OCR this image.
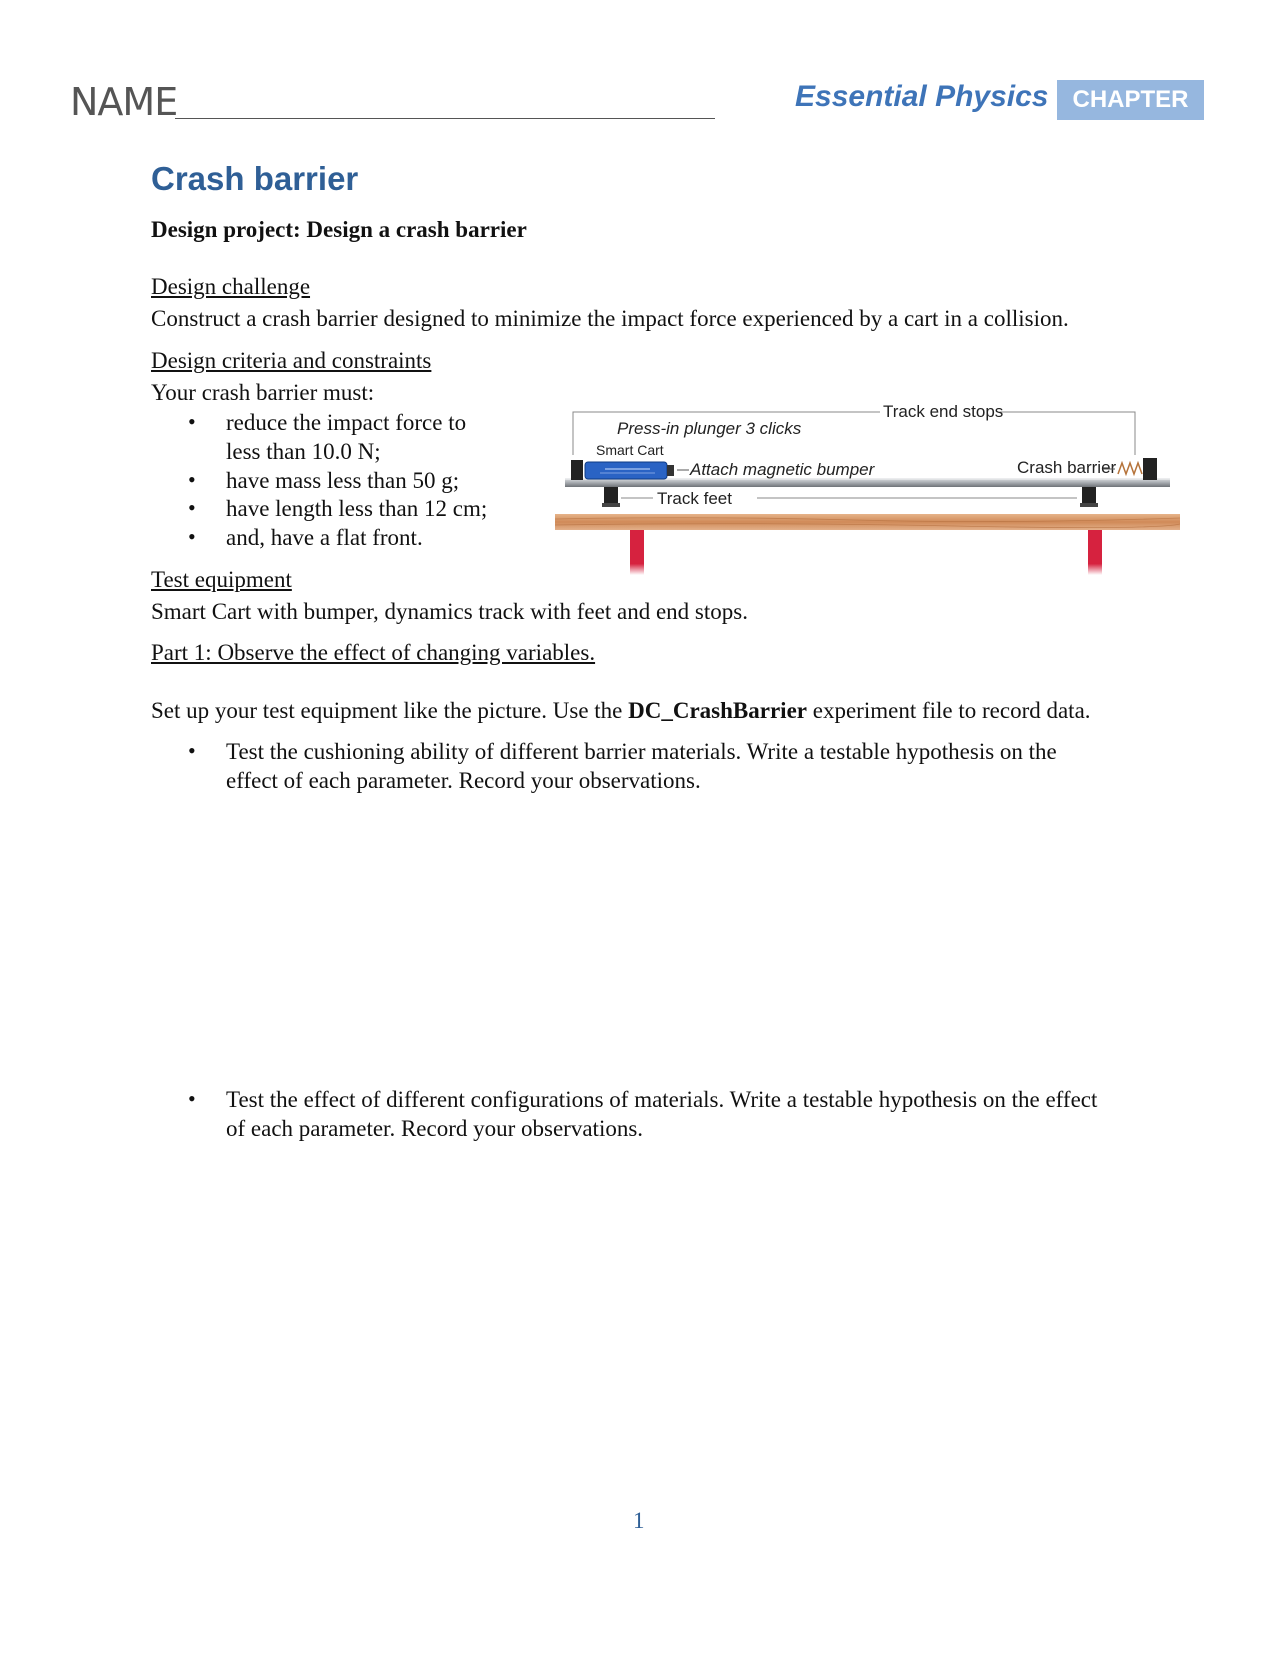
NAME	Essential Physics	CHAPTER 11
Crash barrier
Design project: Design a crash barrier
Design challenge
Construct a crash barrier designed to minimize the impact force experienced by a cart in a collision.
Design criteria and constraints
Your crash barrier must:
• reduce the impact force to
less than 10.0 N;
• have mass less than 50 g;
• have length less than 12 cm;
• and, have a flat front.
Track end stops
Press-in plunger 3 clicks
Smart Cart
Attach magnetic bumper	Crash barrier
Track feet
Test equipment
Smart Cart with bumper, dynamics track with feet and end stops.
Part 1: Observe the effect of changing variables.
Set up your test equipment like the picture. Use the DC_CrashBarrier experiment file to record data.
• Test the cushioning ability of different barrier materials. Write a testable hypothesis on the
effect of each parameter. Record your observations.
• Test the effect of different configurations of materials. Write a testable hypothesis on the effect
of each parameter. Record your observations.
1
